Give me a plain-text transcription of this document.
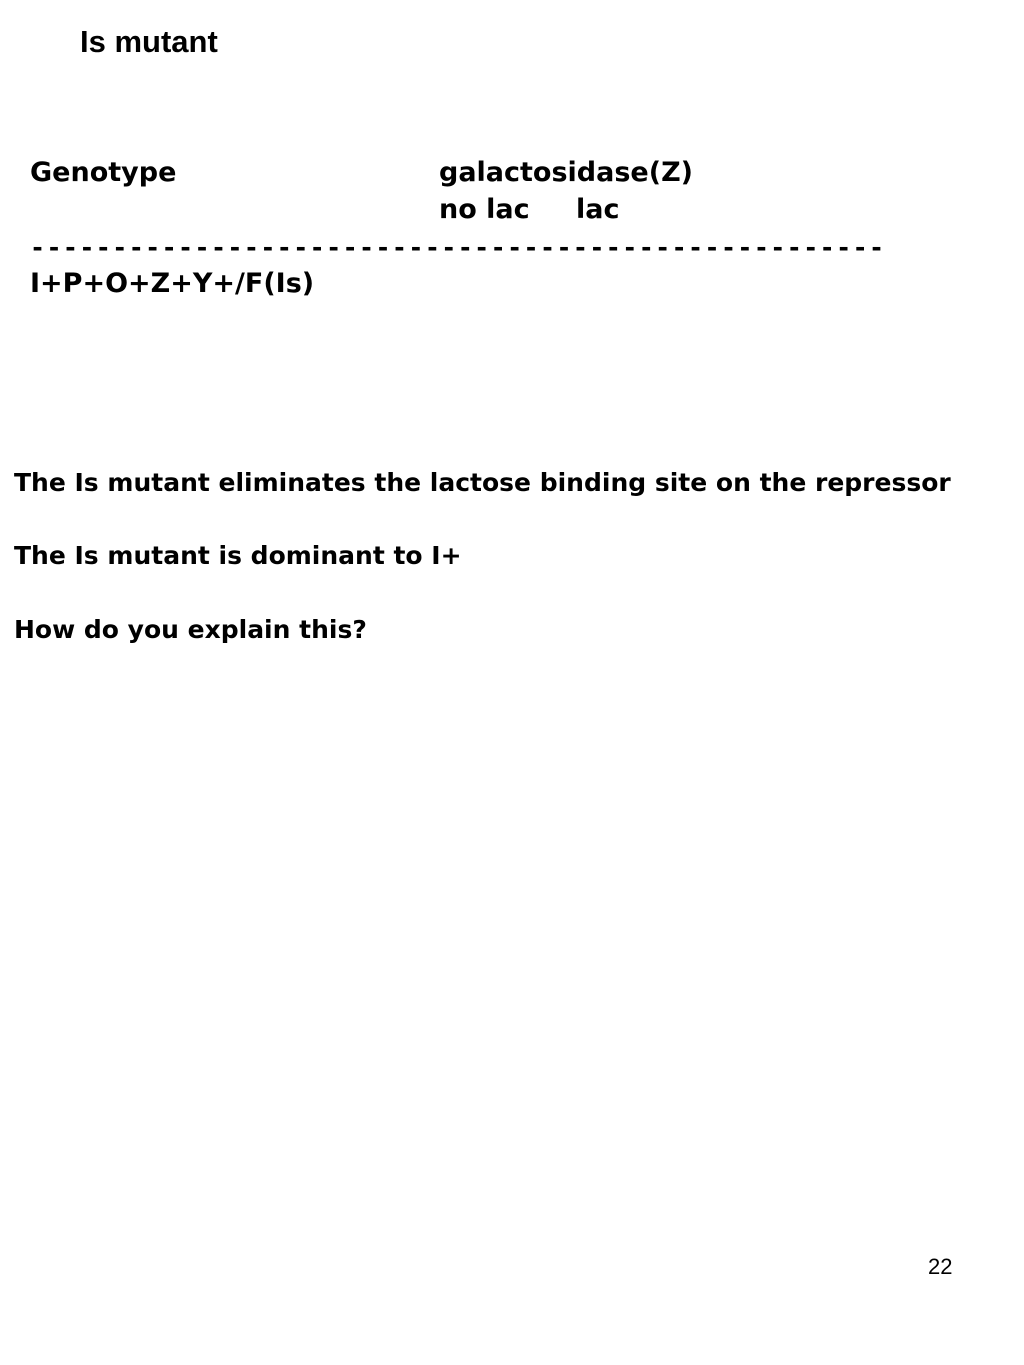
Is mutant
Genotype	galactosidase(Z)
no lac lac
----------------------------------------------------
I+P+O+Z+Y+/F(Is)
The Is mutant eliminates the lactose binding site on the repressor
The Is mutant is dominant to I+
How do you explain this?
22
